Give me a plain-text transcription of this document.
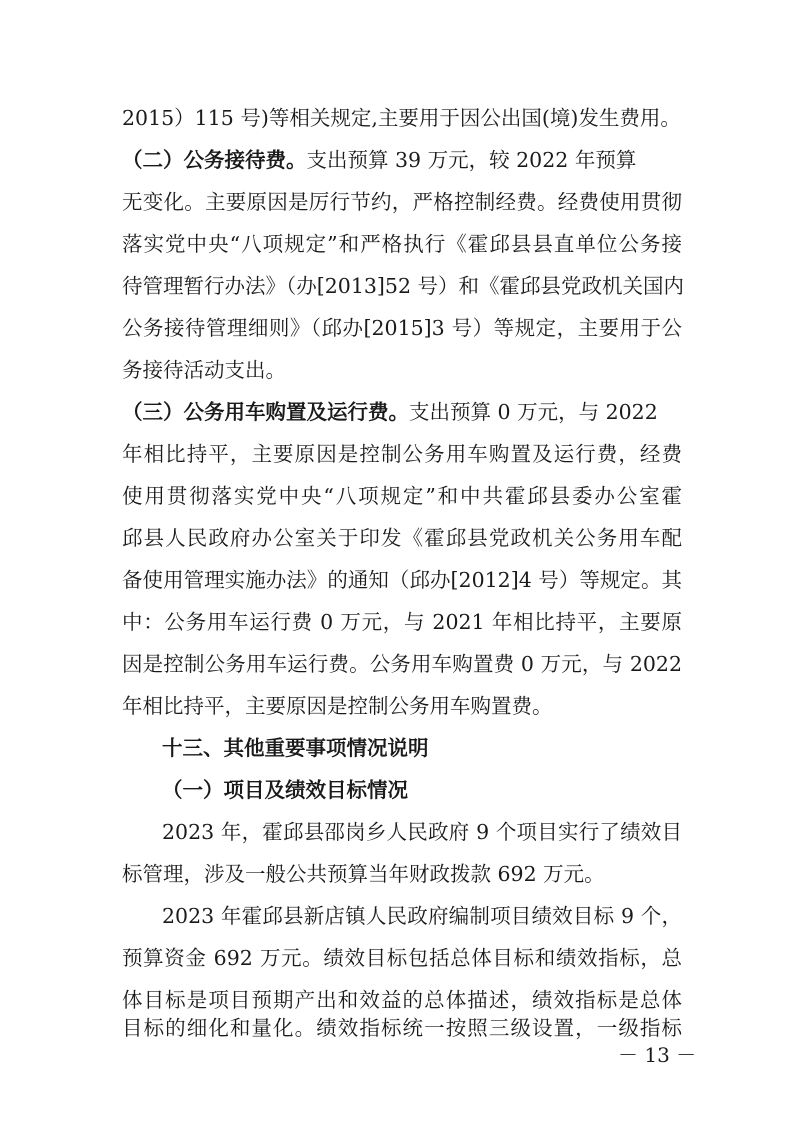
2015）115 号)等相关规定,主要用于因公出国(境)发生费用。
（二）公务接待费。支出预算 39 万元，较 2022 年预算
无变化。主要原因是厉行节约，严格控制经费。经费使用贯彻
落实党中央“八项规定”和严格执行《霍邱县县直单位公务接
待管理暂行办法》（办[2013]52 号）和《霍邱县党政机关国内
公务接待管理细则》（邱办[2015]3 号）等规定，主要用于公
务接待活动支出。
（三）公务用车购置及运行费。支出预算 0 万元，与 2022
年相比持平，主要原因是控制公务用车购置及运行费，经费
使用贯彻落实党中央“八项规定”和中共霍邱县委办公室霍
邱县人民政府办公室关于印发《霍邱县党政机关公务用车配
备使用管理实施办法》的通知（邱办[2012]4 号）等规定。其
中：公务用车运行费 0 万元，与 2021 年相比持平，主要原
因是控制公务用车运行费。公务用车购置费 0 万元，与 2022
年相比持平，主要原因是控制公务用车购置费。
十三、其他重要事项情况说明
（一）项目及绩效目标情况
2023 年，霍邱县邵岗乡人民政府 9 个项目实行了绩效目
标管理，涉及一般公共预算当年财政拨款 692 万元。
2023 年霍邱县新店镇人民政府编制项目绩效目标 9 个，
预算资金 692 万元。绩效目标包括总体目标和绩效指标，总
体目标是项目预期产出和效益的总体描述，绩效指标是总体
目标的细化和量化。绩效指标统一按照三级设置，一级指标
－ 13 －
